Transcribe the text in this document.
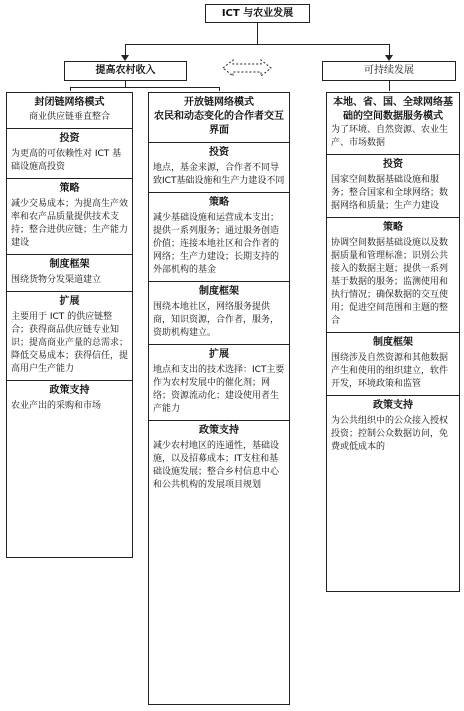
ICT 与农业发展
提高农村收入	可持续发展

封闭链网络模式

商业供应链垂直整合

投资

为更高的可依赖性对 ICT 基础设施高投资

策略

减少交易成本；为提高生产效率和农产品质量提供技术支持；整合进供应链；生产能力建设

制度框架

围绕货物分发渠道建立

扩展

主要用于 ICT 的供应链整合；获得商品供应链专业知识；提高商业产量的总需求；降低交易成本；获得信任，提高用户生产能力

政策支持

农业产出的采购和市场

开放链网络模式

农民和动态变化的合作者交互界面

投资

地点，基金来源，合作者不同导致ICT基础设施和生产力建设不同

策略

减少基础设施和运营成本支出；提供一系列服务；通过服务创造价值；连接本地社区和合作者的网络；生产力建设；长期支持的外部机构的基金

制度框架

围绕本地社区，网络服务提供商，知识资源，合作者，服务，资助机构建立。

扩展

地点和支出的技术选择：ICT主要作为农村发展中的催化剂；网络；资源流动化；建设使用者生产能力

政策支持

减少农村地区的连通性，基础设施，以及招募成本；IT支柱和基础设施发展；整合乡村信息中心和公共机构的发展项目规划

本地、省、国、全球网络基础的空间数据服务模式

为了环境、自然资源、农业生产、市场数据

投资

国家空间数据基础设施和服务；整合国家和全球网络；数据网络和质量；生产力建设

策略

协调空间数据基础设施以及数据质量和管理标准；识别公共接入的数据主题；提供一系列基于数据的服务；监测使用和执行情况；确保数据的交互使用；促进空间范围和主题的整合

制度框架

围绕涉及自然资源和其他数据产生和使用的组织建立，软件开发，环境政策和监管

政策支持

为公共组织中的公众接入授权投资；控制公众数据访问，免费或低成本的
